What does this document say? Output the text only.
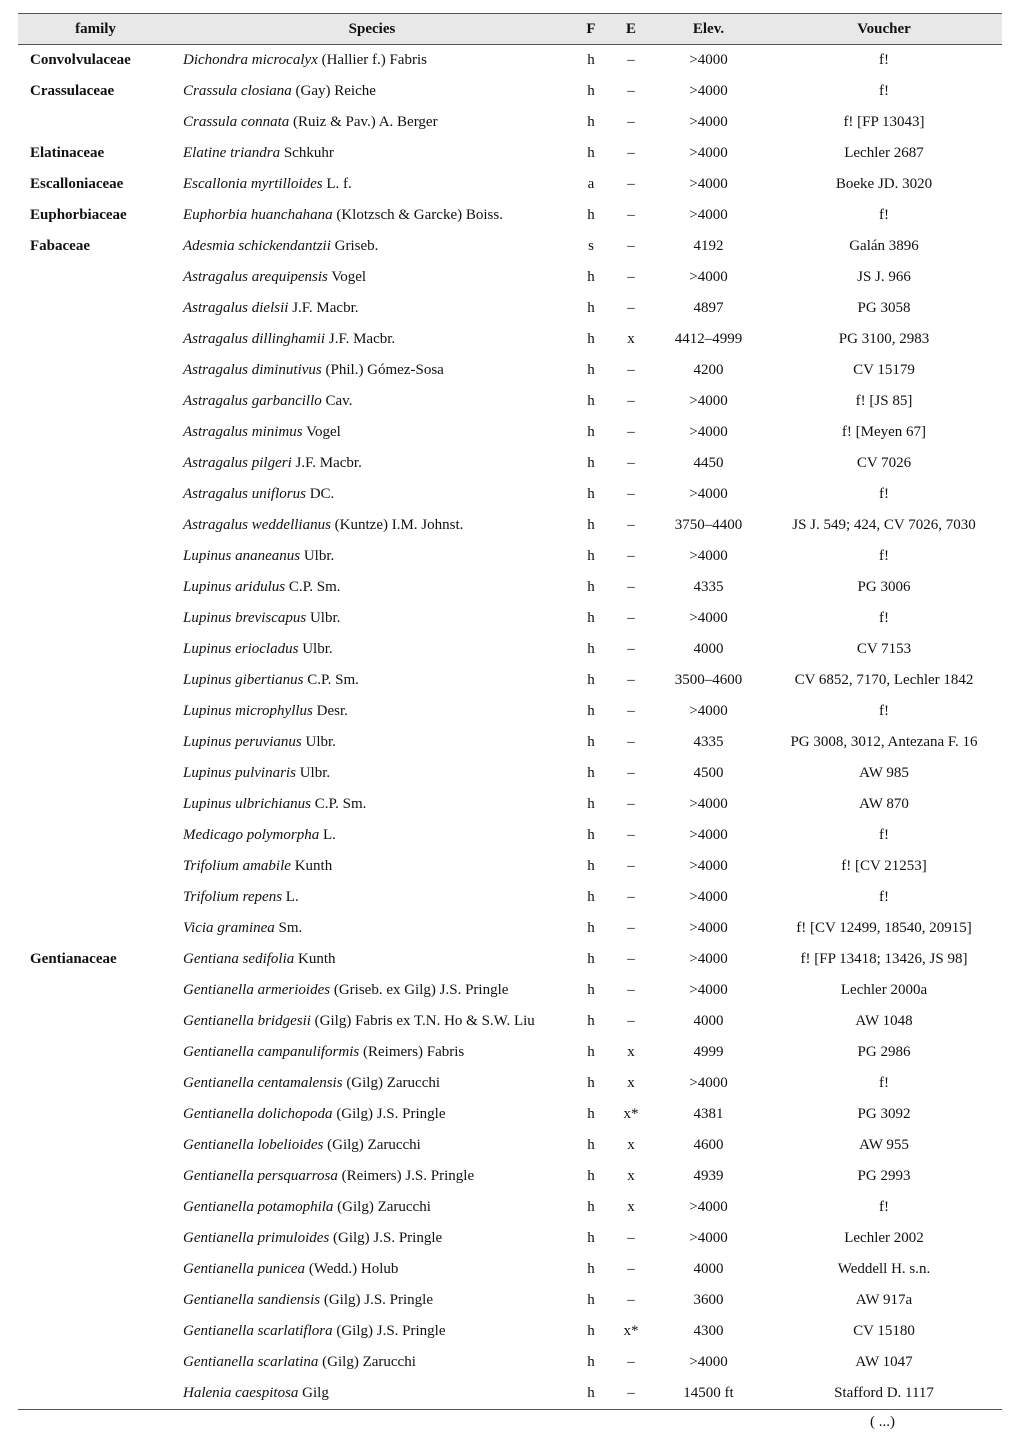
family	Species	F	E	Elev.	Voucher
Convolvulaceae	Dichondra microcalyx (Hallier f.) Fabris	h	–	>4000	f!
Crassulaceae	Crassula closiana (Gay) Reiche	h	–	>4000	f!
	Crassula connata (Ruiz & Pav.) A. Berger	h	–	>4000	f! [FP 13043]
Elatinaceae	Elatine triandra Schkuhr	h	–	>4000	Lechler 2687
Escalloniaceae	Escallonia myrtilloides L. f.	a	–	>4000	Boeke JD. 3020
Euphorbiaceae	Euphorbia huanchahana (Klotzsch & Garcke) Boiss.	h	–	>4000	f!
Fabaceae	Adesmia schickendantzii Griseb.	s	–	4192	Galán 3896
	Astragalus arequipensis Vogel	h	–	>4000	JS J. 966
	Astragalus dielsii J.F. Macbr.	h	–	4897	PG 3058
	Astragalus dillinghamii J.F. Macbr.	h	x	4412–4999	PG 3100, 2983
	Astragalus diminutivus (Phil.) Gómez-Sosa	h	–	4200	CV 15179
	Astragalus garbancillo Cav.	h	–	>4000	f! [JS 85]
	Astragalus minimus Vogel	h	–	>4000	f! [Meyen 67]
	Astragalus pilgeri J.F. Macbr.	h	–	4450	CV 7026
	Astragalus uniflorus DC.	h	–	>4000	f!
	Astragalus weddellianus (Kuntze) I.M. Johnst.	h	–	3750–4400	JS J. 549; 424, CV 7026, 7030
	Lupinus ananeanus Ulbr.	h	–	>4000	f!
	Lupinus aridulus C.P. Sm.	h	–	4335	PG 3006
	Lupinus breviscapus Ulbr.	h	–	>4000	f!
	Lupinus eriocladus Ulbr.	h	–	4000	CV 7153
	Lupinus gibertianus C.P. Sm.	h	–	3500–4600	CV 6852, 7170, Lechler 1842
	Lupinus microphyllus Desr.	h	–	>4000	f!
	Lupinus peruvianus Ulbr.	h	–	4335	PG 3008, 3012, Antezana F. 16
	Lupinus pulvinaris Ulbr.	h	–	4500	AW 985
	Lupinus ulbrichianus C.P. Sm.	h	–	>4000	AW 870
	Medicago polymorpha L.	h	–	>4000	f!
	Trifolium amabile Kunth	h	–	>4000	f! [CV 21253]
	Trifolium repens L.	h	–	>4000	f!
	Vicia graminea Sm.	h	–	>4000	f! [CV 12499, 18540, 20915]
Gentianaceae	Gentiana sedifolia Kunth	h	–	>4000	f! [FP 13418; 13426, JS 98]
	Gentianella armerioides (Griseb. ex Gilg) J.S. Pringle	h	–	>4000	Lechler 2000a
	Gentianella bridgesii (Gilg) Fabris ex T.N. Ho & S.W. Liu	h	–	4000	AW 1048
	Gentianella campanuliformis (Reimers) Fabris	h	x	4999	PG 2986
	Gentianella centamalensis (Gilg) Zarucchi	h	x	>4000	f!
	Gentianella dolichopoda (Gilg) J.S. Pringle	h	x*	4381	PG 3092
	Gentianella lobelioides (Gilg) Zarucchi	h	x	4600	AW 955
	Gentianella persquarrosa (Reimers) J.S. Pringle	h	x	4939	PG 2993
	Gentianella potamophila (Gilg) Zarucchi	h	x	>4000	f!
	Gentianella primuloides (Gilg) J.S. Pringle	h	–	>4000	Lechler 2002
	Gentianella punicea (Wedd.) Holub	h	–	4000	Weddell H. s.n.
	Gentianella sandiensis (Gilg) J.S. Pringle	h	–	3600	AW 917a
	Gentianella scarlatiflora (Gilg) J.S. Pringle	h	x*	4300	CV 15180
	Gentianella scarlatina (Gilg) Zarucchi	h	–	>4000	AW 1047
	Halenia caespitosa Gilg	h	–	14500 ft	Stafford D. 1117
( ...)
